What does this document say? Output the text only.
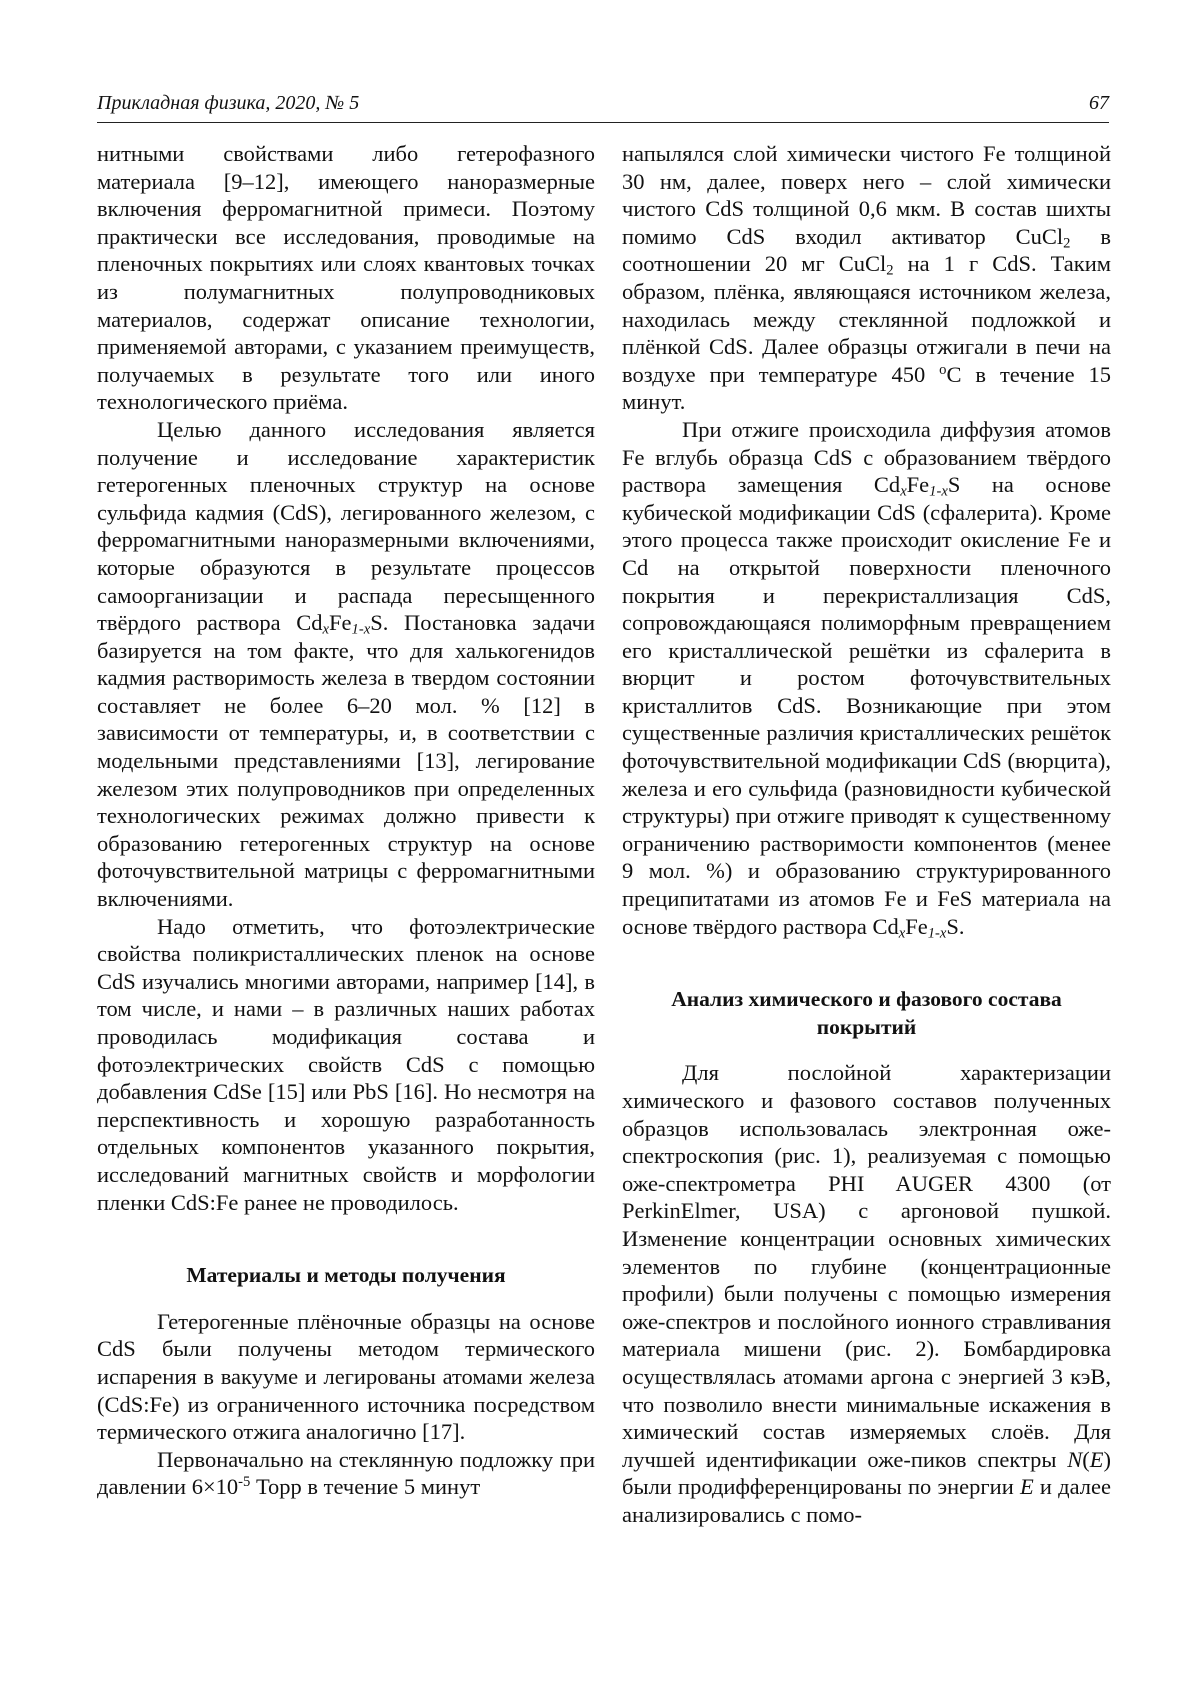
Прикладная физика, 2020, № 5	67

нитными свойствами либо гетерофазного материала [9–12], имеющего наноразмерные включения ферромагнитной примеси. Поэтому практически все исследования, проводимые на пленочных покрытиях или слоях квантовых точках из полумагнитных полупроводниковых материалов, содержат описание технологии, применяемой авторами, с указанием преимуществ, получаемых в результате того или иного технологического приёма.

Целью данного исследования является получение и исследование характеристик гетерогенных пленочных структур на основе сульфида кадмия (CdS), легированного железом, с ферромагнитными наноразмерными включениями, которые образуются в результате процессов самоорганизации и распада пересыщенного твёрдого раствора $Cd_xFe_{1-x}S$. Постановка задачи базируется на том факте, что для халькогенидов кадмия растворимость железа в твердом состоянии составляет не более 6–20 мол. % [12] в зависимости от температуры, и, в соответствии с модельными представлениями [13], легирование железом этих полупроводников при определенных технологических режимах должно привести к образованию гетерогенных структур на основе фоточувствительной матрицы с ферромагнитными включениями.

Надо отметить, что фотоэлектрические свойства поликристаллических пленок на основе CdS изучались многими авторами, например [14], в том числе, и нами – в различных наших работах проводилась модификация состава и фотоэлектрических свойств CdS с помощью добавления CdSe [15] или PbS [16]. Но несмотря на перспективность и хорошую разработанность отдельных компонентов указанного покрытия, исследований магнитных свойств и морфологии пленки CdS:Fe ранее не проводилось.

Материалы и методы получения

Гетерогенные плёночные образцы на основе CdS были получены методом термического испарения в вакууме и легированы атомами железа (CdS:Fe) из ограниченного источника посредством термического отжига аналогично [17].

Первоначально на стеклянную подложку при давлении $6\times 10^{-5}$ Торр в течение 5 минут

напылялся слой химически чистого Fe толщиной 30 нм, далее, поверх него – слой химически чистого CdS толщиной 0,6 мкм. В состав шихты помимо CdS входил активатор CuCl$_2$ в соотношении 20 мг CuCl$_2$ на 1 г CdS. Таким образом, плёнка, являющаяся источником железа, находилась между стеклянной подложкой и плёнкой CdS. Далее образцы отжигали в печи на воздухе при температуре 450 $^о$С в течение 15 минут.

При отжиге происходила диффузия атомов Fe вглубь образца CdS с образованием твёрдого раствора замещения $Cd_xFe_{1-x}S$ на основе кубической модификации CdS (сфалерита). Кроме этого процесса также происходит окисление Fe и Cd на открытой поверхности пленочного покрытия и перекристаллизация CdS, сопровождающаяся полиморфным превращением его кристаллической решётки из сфалерита в вюрцит и ростом фоточувствительных кристаллитов CdS. Возникающие при этом существенные различия кристаллических решёток фоточувствительной модификации CdS (вюрцита), железа и его сульфида (разновидности кубической структуры) при отжиге приводят к существенному ограничению растворимости компонентов (менее 9 мол. %) и образованию структурированного преципитатами из атомов Fe и FeS материала на основе твёрдого раствора $Cd_xFe_{1-x}S$.

Анализ химического и фазового состава покрытий

Для послойной характеризации химического и фазового составов полученных образцов использовалась электронная оже-спектроскопия (рис. 1), реализуемая с помощью оже-спектрометра PHI AUGER 4300 (от PerkinElmer, USA) с аргоновой пушкой. Изменение концентрации основных химических элементов по глубине (концентрационные профили) были получены с помощью измерения оже-спектров и послойного ионного стравливания материала мишени (рис. 2). Бомбардировка осуществлялась атомами аргона с энергией 3 кэВ, что позволило внести минимальные искажения в химический состав измеряемых слоёв. Для лучшей идентификации оже-пиков спектры N(E) были продифференцированы по энергии E и далее анализировались с помо-
